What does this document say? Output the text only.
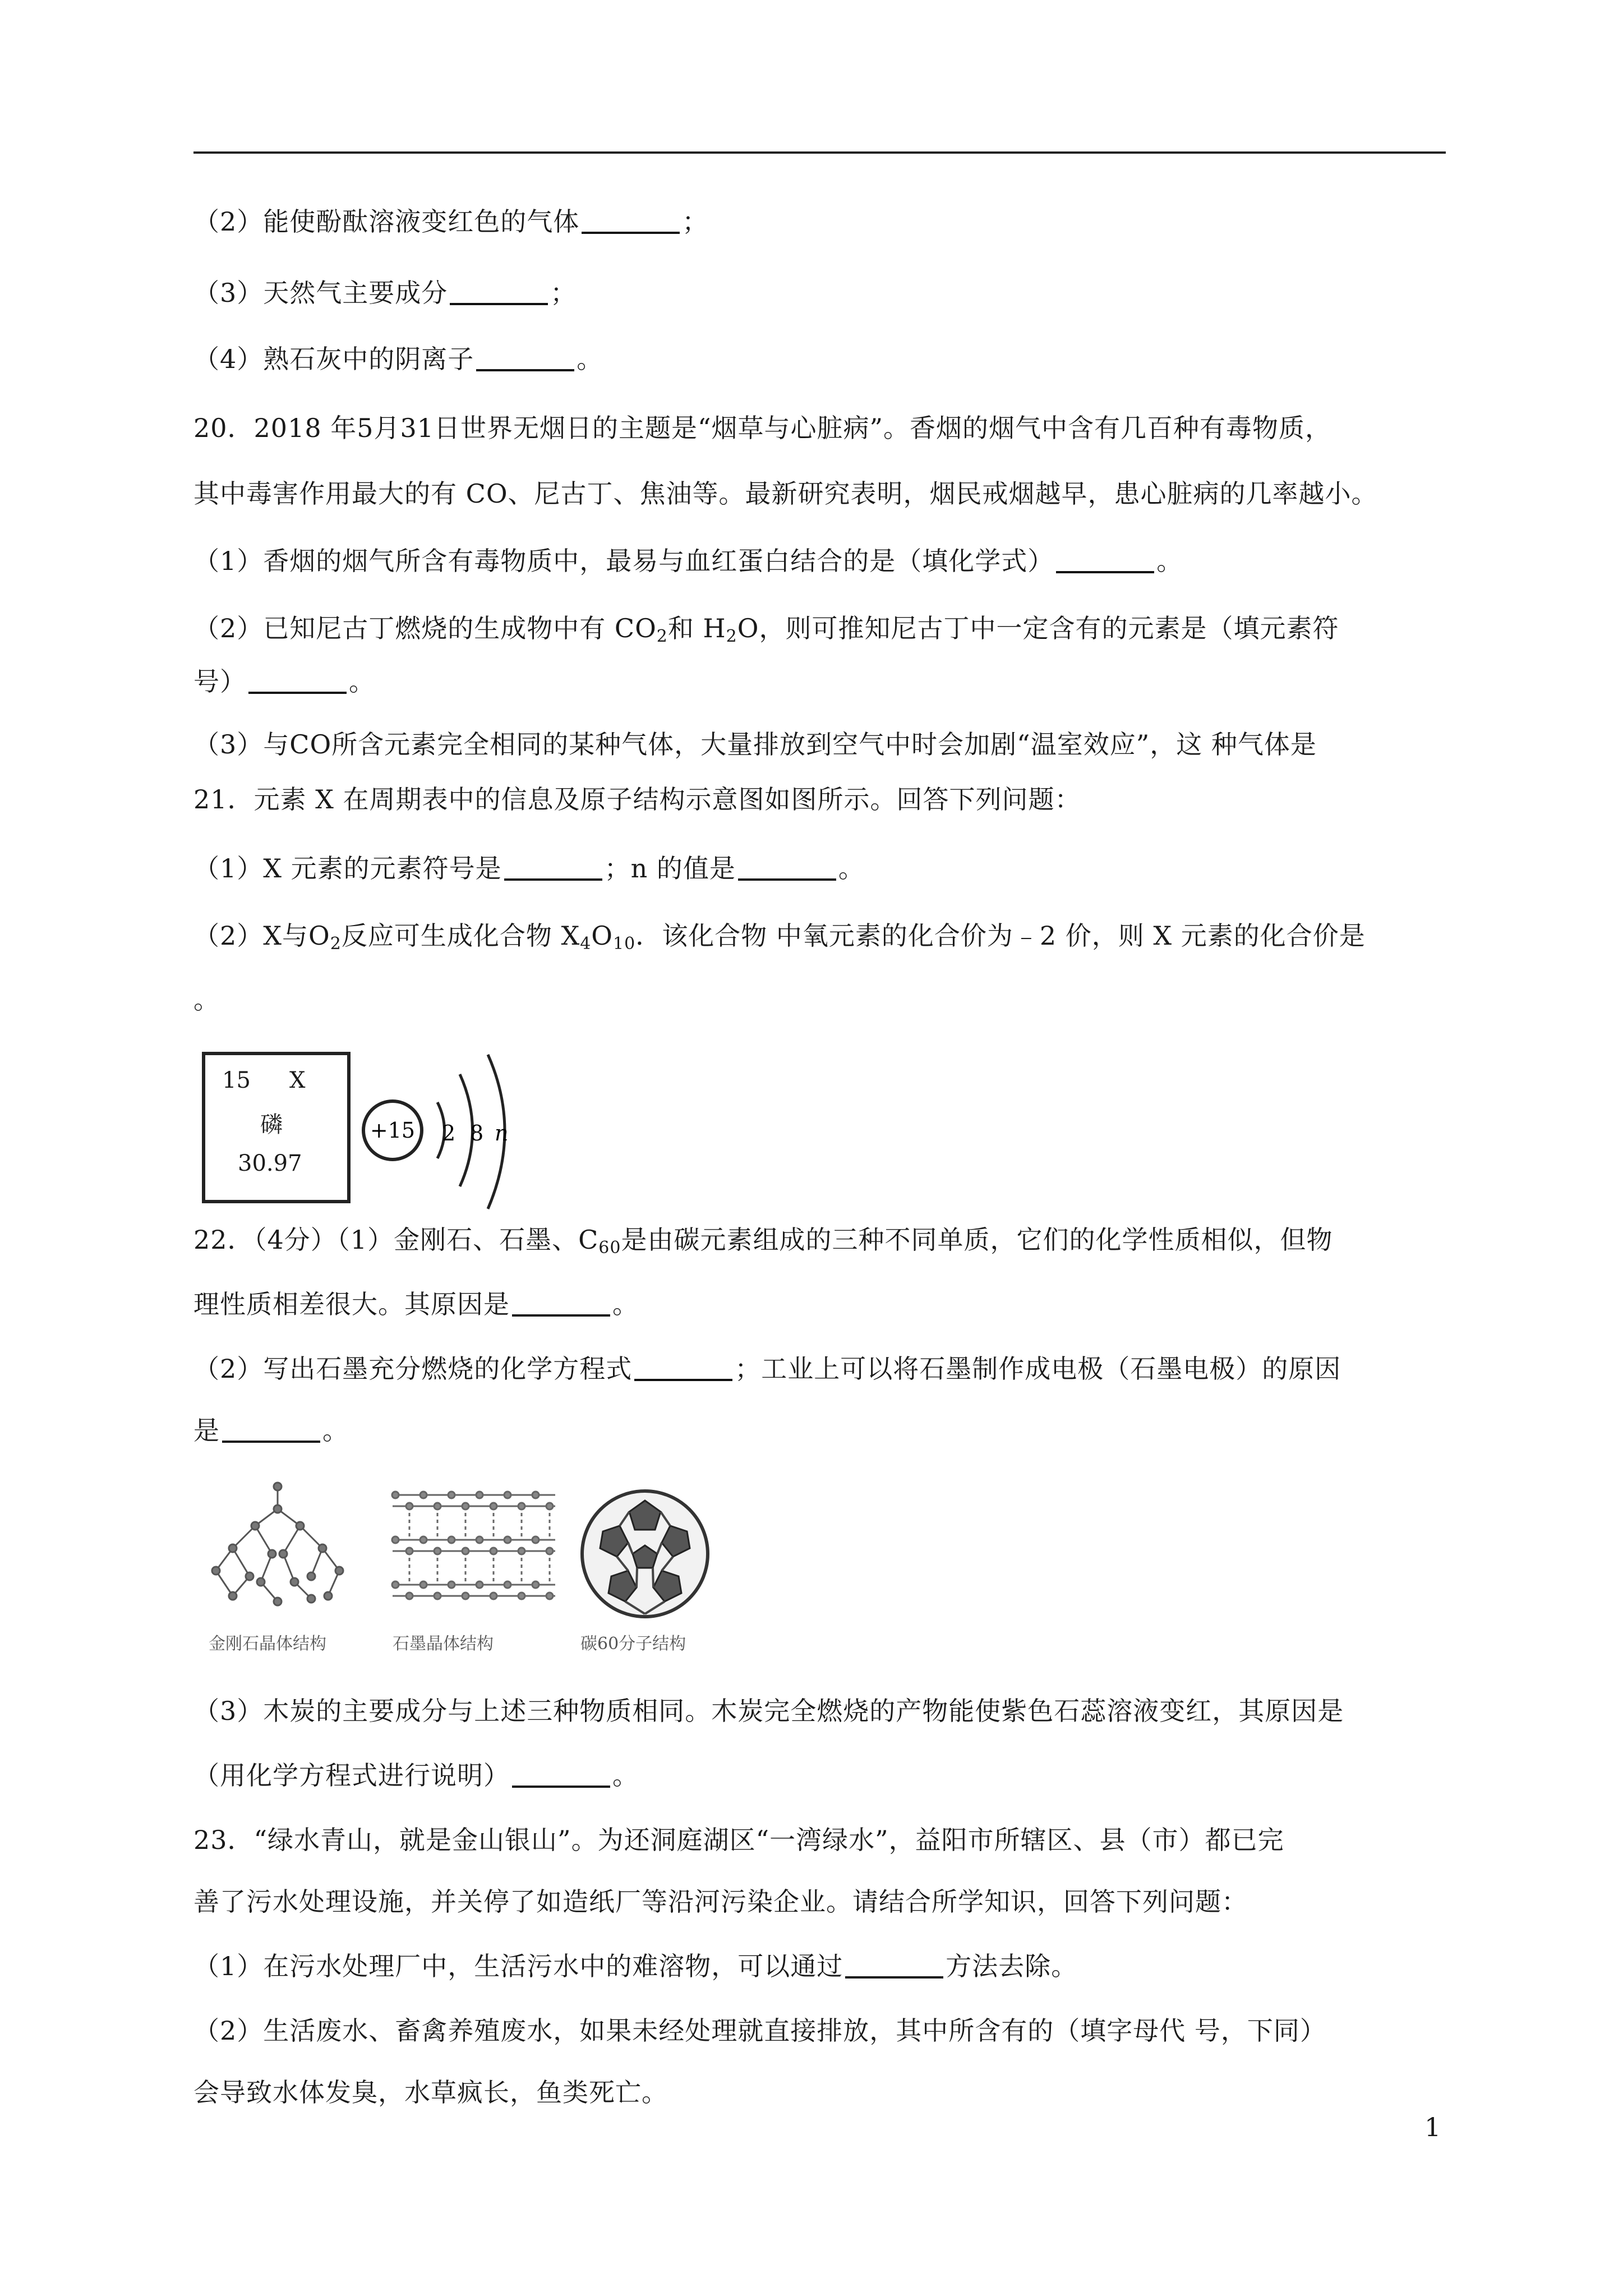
（2）能使酚酞溶液变红色的气体	；
（3）天然气主要成分	；
（4）熟石灰中的阴离子	。
20．2018 年5月31日世界无烟日的主题是“烟草与心脏病”。香烟的烟气中含有几百种有毒物质，
其中毒害作用最大的有 CO、尼古丁、焦油等。最新研究表明，烟民戒烟越早，患心脏病的几率越小。
（1）香烟的烟气所含有毒物质中，最易与血红蛋白结合的是（填化学式）	。
（2）已知尼古丁燃烧的生成物中有 $CO_2$和 $H_2O$，则可推知尼古丁中一定含有的元素是（填元素符
号）	。
（3）与CO所含元素完全相同的某种气体，大量排放到空气中时会加剧“温室效应”，这 种气体是
21．元素 X 在周期表中的信息及原子结构示意图如图所示。回答下列问题：
（1）X 元素的元素符号是	；n 的值是	。
（2）X与$O_2$反应可生成化合物 $X_4O_{10}$．该化合物 中氧元素的化合价为﹣2 价，则 X 元素的化合价是
。
15 X
磷
30.97
+15 2 8 n
22．（4分）（1）金刚石、石墨、$C_{60}$是由碳元素组成的三种不同单质，它们的化学性质相似，但物
理性质相差很大。其原因是	。
（2）写出石墨充分燃烧的化学方程式	；工业上可以将石墨制作成电极（石墨电极）的原因
是	。
金刚石晶体结构	石墨晶体结构	碳60分子结构
（3）木炭的主要成分与上述三种物质相同。木炭完全燃烧的产物能使紫色石蕊溶液变红，其原因是
（用化学方程式进行说明）	。
23．“绿水青山，就是金山银山”。为还洞庭湖区“一湾绿水”，益阳市所辖区、县（市）都已完
善了污水处理设施，并关停了如造纸厂等沿河污染企业。请结合所学知识，回答下列问题：
（1）在污水处理厂中，生活污水中的难溶物，可以通过	方法去除。
（2）生活废水、畜禽养殖废水，如果未经处理就直接排放，其中所含有的（填字母代 号，下同）
会导致水体发臭，水草疯长，鱼类死亡。
1
